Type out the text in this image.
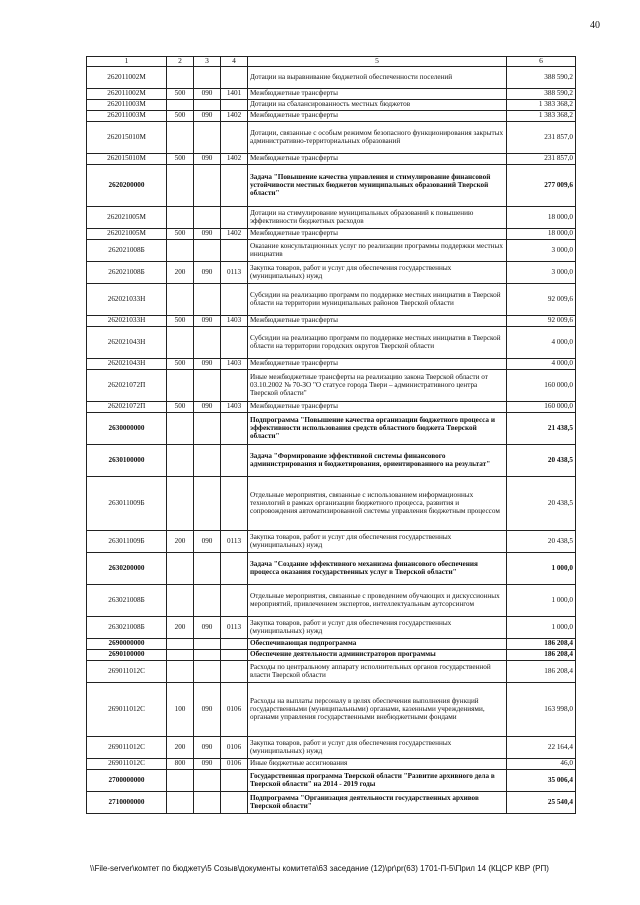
40
1	2	3	4	5	6
262011002М				Дотации на выравнивание бюджетной обеспеченности поселений	388 590,2
262011002М	500	090	1401	Межбюджетные трансферты	388 590,2
262011003М				Дотации на сбалансированность местных бюджетов	1 383 368,2
262011003М	500	090	1402	Межбюджетные трансферты	1 383 368,2
262015010М				Дотации, связанные с особым режимом безопасного функционирования закрытых административно-территориальных образований	231 857,0
262015010М	500	090	1402	Межбюджетные трансферты	231 857,0
2620200000				Задача "Повышение качества управления и стимулирование финансовой устойчивости местных бюджетов муниципальных образований Тверской области"	277 009,6
262021005М				Дотации на стимулирование муниципальных образований к повышению эффективности бюджетных расходов	18 000,0
262021005М	500	090	1402	Межбюджетные трансферты	18 000,0
262021008Б				Оказание консультационных услуг по реализации программы поддержки местных инициатив	3 000,0
262021008Б	200	090	0113	Закупка товаров, работ и услуг для обеспечения государственных (муниципальных) нужд	3 000,0
262021033Н				Субсидии на реализацию программ по поддержке местных инициатив в Тверской области на территории муниципальных районов Тверской области	92 009,6
262021033Н	500	090	1403	Межбюджетные трансферты	92 009,6
262021043Н				Субсидии на реализацию программ по поддержке местных инициатив в Тверской области на территории городских округов Тверской области	4 000,0
262021043Н	500	090	1403	Межбюджетные трансферты	4 000,0
262021072П				Иные межбюджетные трансферты на реализацию закона Тверской области от 03.10.2002 № 70-ЗО "О статусе города Твери – административного центра Тверской области"	160 000,0
262021072П	500	090	1403	Межбюджетные трансферты	160 000,0
2630000000				Подпрограмма "Повышение качества организации бюджетного процесса и эффективности использования средств областного бюджета Тверской области"	21 438,5
2630100000				Задача "Формирование эффективной системы финансового администрирования и бюджетирования, ориентированного на результат"	20 438,5
263011009Б				Отдельные мероприятия, связанные с использованием информационных технологий в рамках организации бюджетного процесса, развития и сопровождения автоматизированной системы управления бюджетным процессом	20 438,5
263011009Б	200	090	0113	Закупка товаров, работ и услуг для обеспечения государственных (муниципальных) нужд	20 438,5
2630200000				Задача "Создание эффективного механизма финансового обеспечения процесса оказания государственных услуг в Тверской области"	1 000,0
263021008Б				Отдельные мероприятия, связанные с проведением обучающих и дискуссионных мероприятий, привлечением экспертов, интеллектуальным аутсорсингом	1 000,0
263021008Б	200	090	0113	Закупка товаров, работ и услуг для обеспечения государственных (муниципальных) нужд	1 000,0
2690000000				Обеспечивающая подпрограмма	186 208,4
2690100000				Обеспечение деятельности администраторов программы	186 208,4
269011012С				Расходы по центральному аппарату исполнительных органов государственной власти Тверской области	186 208,4
269011012С	100	090	0106	Расходы на выплаты персоналу в целях обеспечения выполнения функций государственными (муниципальными) органами, казенными учреждениями, органами управления государственными внебюджетными фондами	163 998,0
269011012С	200	090	0106	Закупка товаров, работ и услуг для обеспечения государственных (муниципальных) нужд	22 164,4
269011012С	800	090	0106	Иные бюджетные ассигнования	46,0
2700000000				Государственная программа Тверской области "Развитие архивного дела в Тверской области" на 2014 - 2019 годы	35 006,4
2710000000				Подпрограмма "Организация деятельности государственных архивов Тверской области"	25 540,4
\\File-server\комтет по бюджету\5 Созыв\документы комитета\63 заседание (12)\pr\pr(63) 1701-П-5\Прил 14 (КЦСР КВР (РП)
